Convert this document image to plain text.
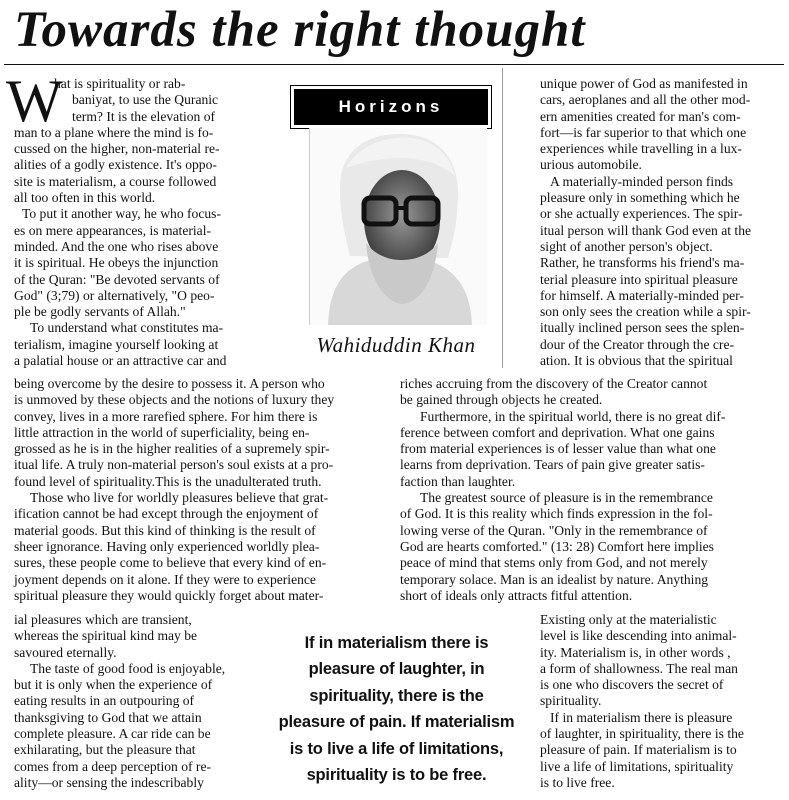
Towards the right thought
W
hat is spirituality or rab-
baniyat, to use the Quranic
term? It is the elevation of
man to a plane where the mind is fo-
cussed on the higher, non-material re-
alities of a godly existence. It's oppo-
site is materialism, a course followed
all too often in this world.
To put it another way, he who focus-
es on mere appearances, is material-
minded. And the one who rises above
it is spiritual. He obeys the injunction
of the Quran: "Be devoted servants of
God" (3;79) or alternatively, "O peo-
ple be godly servants of Allah."
To understand what constitutes ma-
terialism, imagine yourself looking at
a palatial house or an attractive car and
unique power of God as manifested in
cars, aeroplanes and all the other mod-
ern amenities created for man's com-
fort—is far superior to that which one
experiences while travelling in a lux-
urious automobile.
A materially-minded person finds
pleasure only in something which he
or she actually experiences. The spir-
itual person will thank God even at the
sight of another person's object.
Rather, he transforms his friend's ma-
terial pleasure into spiritual pleasure
for himself. A materially-minded per-
son only sees the creation while a spir-
itually inclined person sees the splen-
dour of the Creator through the cre-
ation. It is obvious that the spiritual
Horizons
Wahiduddin Khan
being overcome by the desire to possess it. A person who
is unmoved by these objects and the notions of luxury they
convey, lives in a more rarefied sphere. For him there is
little attraction in the world of superficiality, being en-
grossed as he is in the higher realities of a supremely spir-
itual life. A truly non-material person's soul exists at a pro-
found level of spirituality.This is the unadulterated truth.
Those who live for worldly pleasures believe that grat-
ification cannot be had except through the enjoyment of
material goods. But this kind of thinking is the result of
sheer ignorance. Having only experienced worldly plea-
sures, these people come to believe that every kind of en-
joyment depends on it alone. If they were to experience
spiritual pleasure they would quickly forget about mater-
riches accruing from the discovery of the Creator cannot
be gained through objects he created.
Furthermore, in the spiritual world, there is no great dif-
ference between comfort and deprivation. What one gains
from material experiences is of lesser value than what one
learns from deprivation. Tears of pain give greater satis-
faction than laughter.
The greatest source of pleasure is in the remembrance
of God. It is this reality which finds expression in the fol-
lowing verse of the Quran. "Only in the remembrance of
God are hearts comforted." (13: 28) Comfort here implies
peace of mind that stems only from God, and not merely
temporary solace. Man is an idealist by nature. Anything
short of ideals only attracts fitful attention.
ial pleasures which are transient,
whereas the spiritual kind may be
savoured eternally.
The taste of good food is enjoyable,
but it is only when the experience of
eating results in an outpouring of
thanksgiving to God that we attain
complete pleasure. A car ride can be
exhilarating, but the pleasure that
comes from a deep perception of re-
ality—or sensing the indescribably
If in materialism there is
pleasure of laughter, in
spirituality, there is the
pleasure of pain. If materialism
is to live a life of limitations,
spirituality is to be free.
Existing only at the materialistic
level is like descending into animal-
ity. Materialism is, in other words ,
a form of shallowness. The real man
is one who discovers the secret of
spirituality.
If in materialism there is pleasure
of laughter, in spirituality, there is the
pleasure of pain. If materialism is to
live a life of limitations, spirituality
is to live free.
